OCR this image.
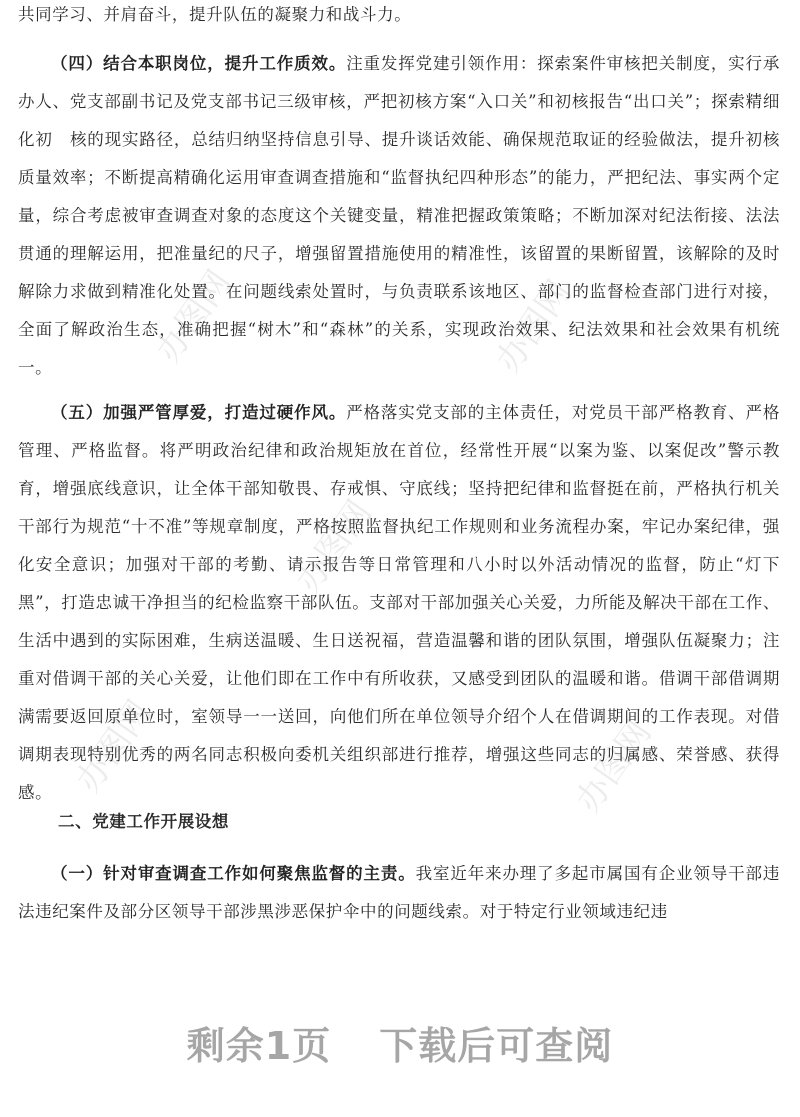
办图网	办图网
办图网
办图网
办图网

共同学习、并肩奋斗，提升队伍的凝聚力和战斗力。

（四）结合本职岗位，提升工作质效。注重发挥党建引领作用：探索案件审核把关制度，实行承办人、党支部副书记及党支部书记三级审核，严把初核方案“入口关”和初核报告“出口关”；探索精细化初　核的现实路径，总结归纳坚持信息引导、提升谈话效能、确保规范取证的经验做法，提升初核质量效率；不断提高精确化运用审查调查措施和“监督执纪四种形态”的能力，严把纪法、事实两个定量，综合考虑被审查调查对象的态度这个关键变量，精准把握政策策略；不断加深对纪法衔接、法法贯通的理解运用，把准量纪的尺子，增强留置措施使用的精准性，该留置的果断留置，该解除的及时解除力求做到精准化处置。在问题线索处置时，与负责联系该地区、部门的监督检查部门进行对接，全面了解政治生态，准确把握“树木”和“森林”的关系，实现政治效果、纪法效果和社会效果有机统一。

（五）加强严管厚爱，打造过硬作风。严格落实党支部的主体责任，对党员干部严格教育、严格管理、严格监督。将严明政治纪律和政治规矩放在首位，经常性开展“以案为鉴、以案促改”警示教育，增强底线意识，让全体干部知敬畏、存戒惧、守底线；坚持把纪律和监督挺在前，严格执行机关干部行为规范“十不准”等规章制度，严格按照监督执纪工作规则和业务流程办案，牢记办案纪律，强化安全意识；加强对干部的考勤、请示报告等日常管理和八小时以外活动情况的监督，防止“灯下黑”，打造忠诚干净担当的纪检监察干部队伍。支部对干部加强关心关爱，力所能及解决干部在工作、生活中遇到的实际困难，生病送温暖、生日送祝福，营造温馨和谐的团队氛围，增强队伍凝聚力；注重对借调干部的关心关爱，让他们即在工作中有所收获，又感受到团队的温暖和谐。借调干部借调期满需要返回原单位时，室领导一一送回，向他们所在单位领导介绍个人在借调期间的工作表现。对借调期表现特别优秀的两名同志积极向委机关组织部进行推荐，增强这些同志的归属感、荣誉感、获得感。

二、党建工作开展设想

（一）针对审查调查工作如何聚焦监督的主责。我室近年来办理了多起市属国有企业领导干部违法违纪案件及部分区领导干部涉黑涉恶保护伞中的问题线索。对于特定行业领域违纪违

剩余1页 下载后可查阅
